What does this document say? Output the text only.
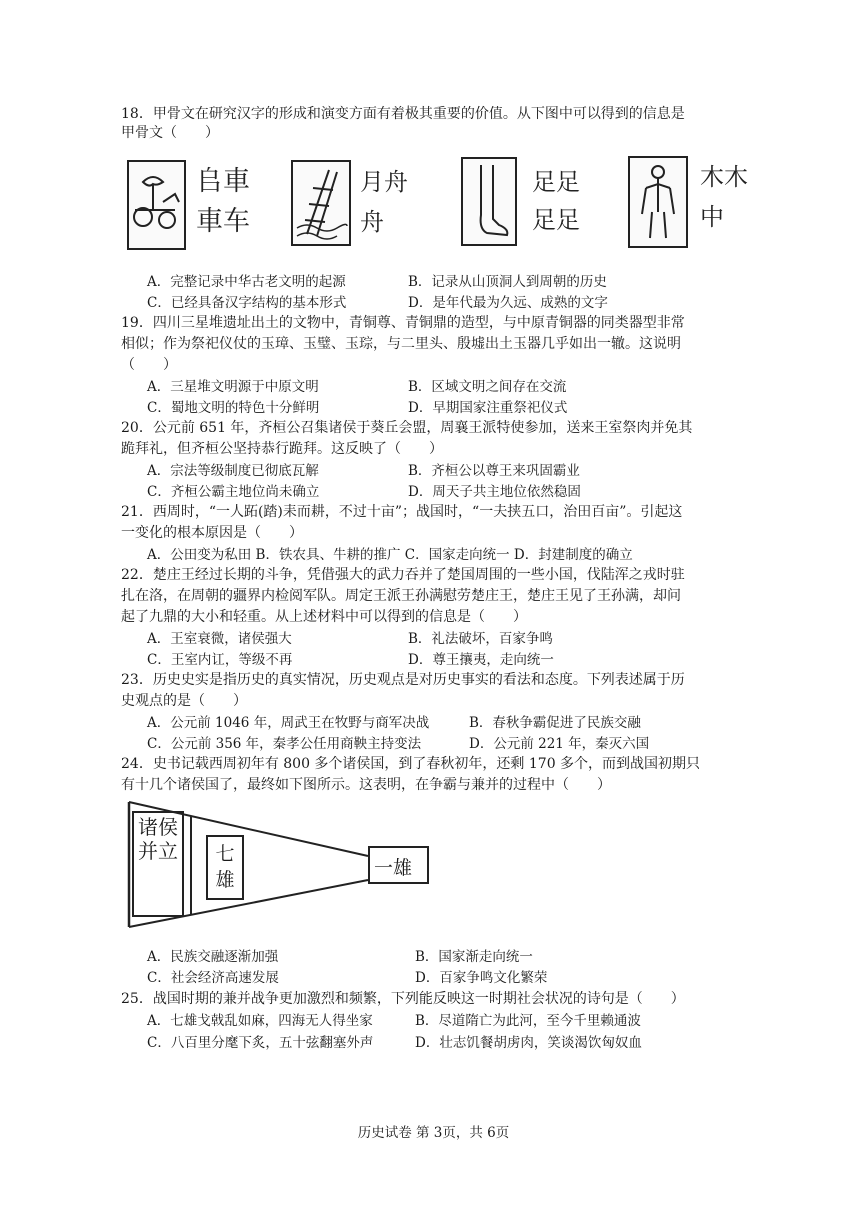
18．甲骨文在研究汉字的形成和演变方面有着极其重要的价值。从下图中可以得到的信息是
甲骨文（　　）
𠂤車
車车
月舟
舟
足足
足足
木木
中
A．完整记录中华古老文明的起源	B．记录从山顶洞人到周朝的历史
C．已经具备汉字结构的基本形式	D．是年代最为久远、成熟的文字
19．四川三星堆遗址出土的文物中，青铜尊、青铜鼎的造型，与中原青铜器的同类器型非常
相似；作为祭祀仪仗的玉璋、玉璧、玉琮，与二里头、殷墟出土玉器几乎如出一辙。这说明
（　　）
A．三星堆文明源于中原文明	B．区域文明之间存在交流
C．蜀地文明的特色十分鲜明	D．早期国家注重祭祀仪式
20．公元前 651 年，齐桓公召集诸侯于葵丘会盟，周襄王派特使参加，送来王室祭肉并免其
跪拜礼，但齐桓公坚持恭行跪拜。这反映了（　　）
A．宗法等级制度已彻底瓦解	B．齐桓公以尊王来巩固霸业
C．齐桓公霸主地位尚未确立	D．周天子共主地位依然稳固
21．西周时，“一人跖(踏)耒而耕，不过十亩”；战国时，“一夫挟五口，治田百亩”。引起这
一变化的根本原因是（　　）
A．公田变为私田 B．铁农具、牛耕的推广 C．国家走向统一 D．封建制度的确立
22．楚庄王经过长期的斗争，凭借强大的武力吞并了楚国周围的一些小国，伐陆浑之戎时驻
扎在洛，在周朝的疆界内检阅军队。周定王派王孙满慰劳楚庄王，楚庄王见了王孙满，却问
起了九鼎的大小和轻重。从上述材料中可以得到的信息是（　　）
A．王室衰微，诸侯强大	B．礼法破坏，百家争鸣
C．王室内讧，等级不再	D．尊王攘夷，走向统一
23．历史史实是指历史的真实情况，历史观点是对历史事实的看法和态度。下列表述属于历
史观点的是（　　）
A．公元前 1046 年，周武王在牧野与商军决战	B．春秋争霸促进了民族交融
C．公元前 356 年，秦孝公任用商鞅主持变法	D．公元前 221 年，秦灭六国
24．史书记载西周初年有 800 多个诸侯国，到了春秋初年，还剩 170 多个，而到战国初期只
有十几个诸侯国了，最终如下图所示。这表明，在争霸与兼并的过程中（　　）
诸侯并立 七雄
一雄
A．民族交融逐渐加强	B．国家渐走向统一
C．社会经济高速发展	D．百家争鸣文化繁荣
25．战国时期的兼并战争更加激烈和频繁，下列能反映这一时期社会状况的诗句是（　　）
A．七雄戈戟乱如麻，四海无人得坐家	B．尽道隋亡为此河，至今千里赖通波
C．八百里分麾下炙，五十弦翻塞外声	D．壮志饥餐胡虏肉，笑谈渴饮匈奴血
历史试卷 第 3页，共 6页
